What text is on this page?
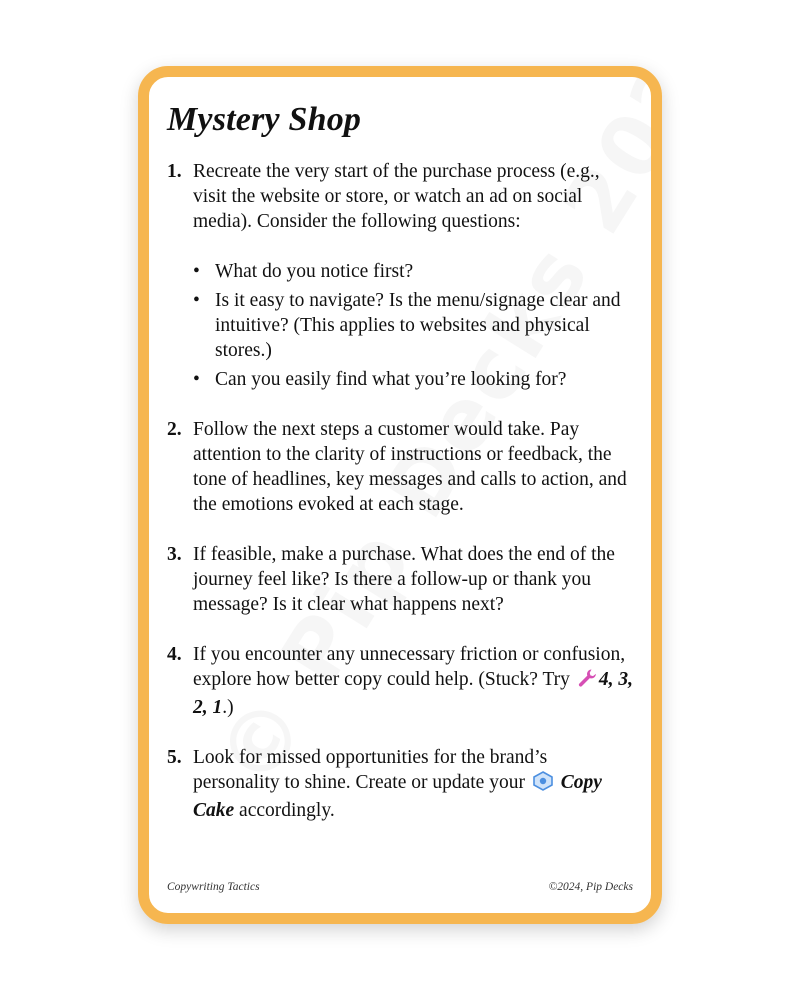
Mystery Shop
1. Recreate the very start of the purchase process (e.g., visit the website or store, or watch an ad on social media). Consider the following questions:
• What do you notice first?
• Is it easy to navigate? Is the menu/signage clear and intuitive? (This applies to websites and physical stores.)
• Can you easily find what you’re looking for?
2. Follow the next steps a customer would take. Pay attention to the clarity of instructions or feedback, the tone of headlines, key messages and calls to action, and the emotions evoked at each stage.
3. If feasible, make a purchase. What does the end of the journey feel like? Is there a follow-up or thank you message? Is it clear what happens next?
4. If you encounter any unnecessary friction or confusion, explore how better copy could help. (Stuck? Try 4, 3, 2, 1.)
5. Look for missed opportunities for the brand’s personality to shine. Create or update your Copy Cake accordingly.
Copywriting Tactics	©2024, Pip Decks
